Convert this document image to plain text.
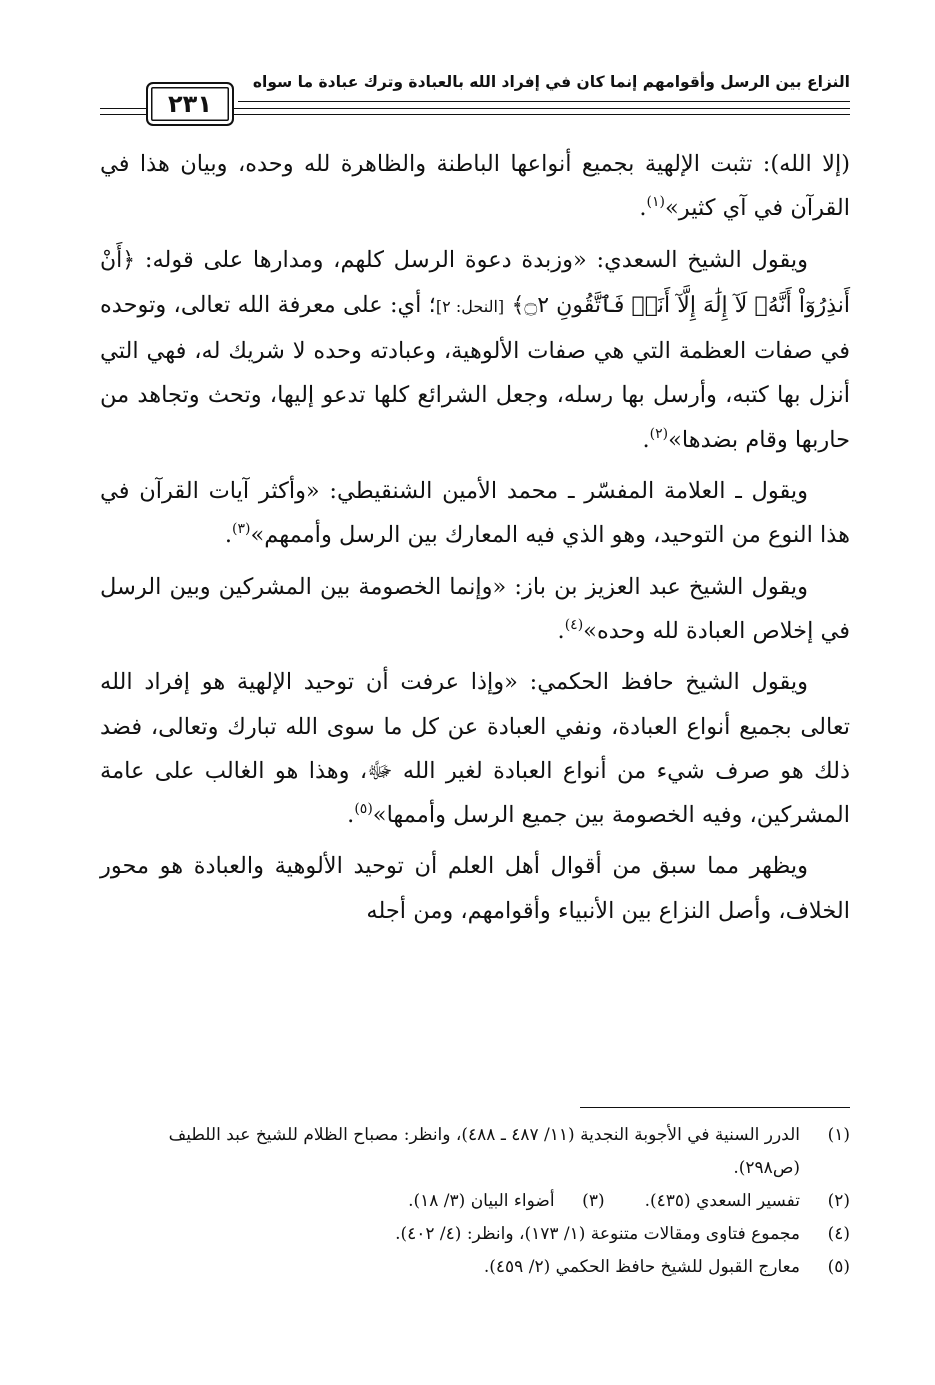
النزاع بين الرسل وأقوامهم إنما كان في إفراد الله بالعبادة وترك عبادة ما سواه
٢٣١

(إلا الله): تثبت الإلهية بجميع أنواعها الباطنة والظاهرة لله وحده، وبيان هذا في القرآن في آي كثير»$^{(١)}$.

ويقول الشيخ السعدي: «وزبدة دعوة الرسل كلهم، ومدارها على قوله: ﴿أَنْ أَنذِرُوٓاْ أَنَّهُۥ لَآ إِلَٰهَ إِلَّآ أَنَا۠ فَٱتَّقُونِ ۝٢﴾ [النحل: ٢]؛ أي: على معرفة الله تعالى، وتوحده في صفات العظمة التي هي صفات الألوهية، وعبادته وحده لا شريك له، فهي التي أنزل بها كتبه، وأرسل بها رسله، وجعل الشرائع كلها تدعو إليها، وتحث وتجاهد من حاربها وقام بضدها»$^{(٢)}$.

ويقول ـ العلامة المفسّر ـ محمد الأمين الشنقيطي: «وأكثر آيات القرآن في هذا النوع من التوحيد، وهو الذي فيه المعارك بين الرسل وأممهم»$^{(٣)}$.

ويقول الشيخ عبد العزيز بن باز: «وإنما الخصومة بين المشركين وبين الرسل في إخلاص العبادة لله وحده»$^{(٤)}$.

ويقول الشيخ حافظ الحكمي: «وإذا عرفت أن توحيد الإلهية هو إفراد الله تعالى بجميع أنواع العبادة، ونفي العبادة عن كل ما سوى الله تبارك وتعالى، فضد ذلك هو صرف شيء من أنواع العبادة لغير الله ﷻ، وهذا هو الغالب على عامة المشركين، وفيه الخصومة بين جميع الرسل وأممها»$^{(٥)}$.

ويظهر مما سبق من أقوال أهل العلم أن توحيد الألوهية والعبادة هو محور الخلاف، وأصل النزاع بين الأنبياء وأقوامهم، ومن أجله

(١)
الدرر السنية في الأجوبة النجدية (١١/ ٤٨٧ ـ ٤٨٨)، وانظر: مصباح الظلام للشيخ عبد اللطيف (ص٢٩٨).
(٢)
تفسير السعدي (٤٣٥).
(٣)
أضواء البيان (٣/ ١٨).
(٤)
مجموع فتاوى ومقالات متنوعة (١/ ١٧٣)، وانظر: (٤/ ٤٠٢).
(٥)
معارج القبول للشيخ حافظ الحكمي (٢/ ٤٥٩).
